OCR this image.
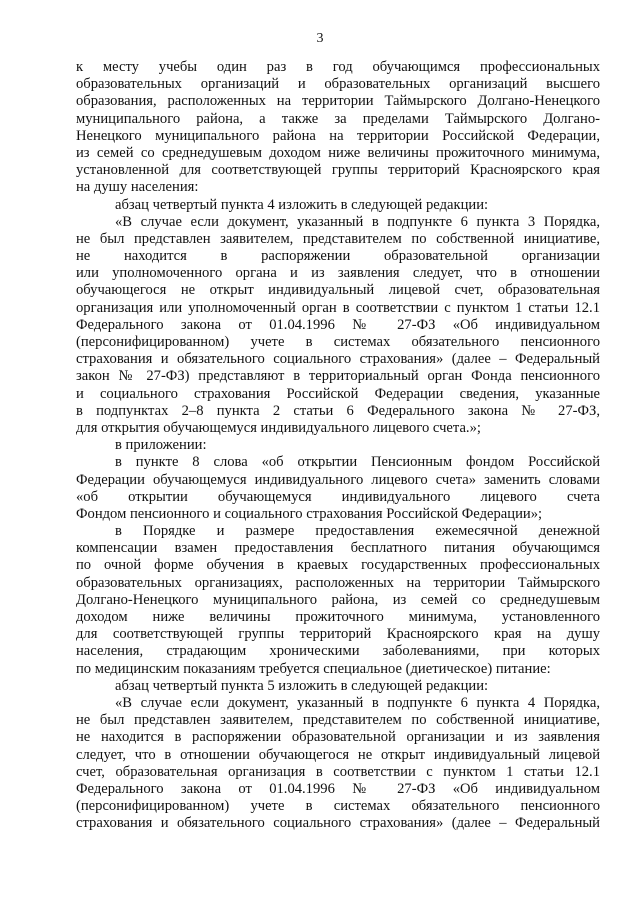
3
к месту учебы один раз в год обучающимся профессиональных
образовательных организаций и образовательных организаций высшего
образования, расположенных на территории Таймырского Долгано-Ненецкого
муниципального района, а также за пределами Таймырского Долгано-
Ненецкого муниципального района на территории Российской Федерации,
из семей со среднедушевым доходом ниже величины прожиточного минимума,
установленной для соответствующей группы территорий Красноярского края
на душу населения:
абзац четвертый пункта 4 изложить в следующей редакции:
«В случае если документ, указанный в подпункте 6 пункта 3 Порядка,
не был представлен заявителем, представителем по собственной инициативе,
не находится в распоряжении образовательной организации
или уполномоченного органа и из заявления следует, что в отношении
обучающегося не открыт индивидуальный лицевой счет, образовательная
организация или уполномоченный орган в соответствии с пунктом 1 статьи 12.1
Федерального закона от 01.04.1996 № 27-ФЗ «Об индивидуальном
(персонифицированном) учете в системах обязательного пенсионного
страхования и обязательного социального страхования» (далее – Федеральный
закон № 27-ФЗ) представляют в территориальный орган Фонда пенсионного
и социального страхования Российской Федерации сведения, указанные
в подпунктах 2–8 пункта 2 статьи 6 Федерального закона № 27-ФЗ,
для открытия обучающемуся индивидуального лицевого счета.»;
в приложении:
в пункте 8 слова «об открытии Пенсионным фондом Российской
Федерации обучающемуся индивидуального лицевого счета» заменить словами
«об открытии обучающемуся индивидуального лицевого счета
Фондом пенсионного и социального страхования Российской Федерации»;
в Порядке и размере предоставления ежемесячной денежной
компенсации взамен предоставления бесплатного питания обучающимся
по очной форме обучения в краевых государственных профессиональных
образовательных организациях, расположенных на территории Таймырского
Долгано-Ненецкого муниципального района, из семей со среднедушевым
доходом ниже величины прожиточного минимума, установленного
для соответствующей группы территорий Красноярского края на душу
населения, страдающим хроническими заболеваниями, при которых
по медицинским показаниям требуется специальное (диетическое) питание:
абзац четвертый пункта 5 изложить в следующей редакции:
«В случае если документ, указанный в подпункте 6 пункта 4 Порядка,
не был представлен заявителем, представителем по собственной инициативе,
не находится в распоряжении образовательной организации и из заявления
следует, что в отношении обучающегося не открыт индивидуальный лицевой
счет, образовательная организация в соответствии с пунктом 1 статьи 12.1
Федерального закона от 01.04.1996 № 27-ФЗ «Об индивидуальном
(персонифицированном) учете в системах обязательного пенсионного
страхования и обязательного социального страхования» (далее – Федеральный
